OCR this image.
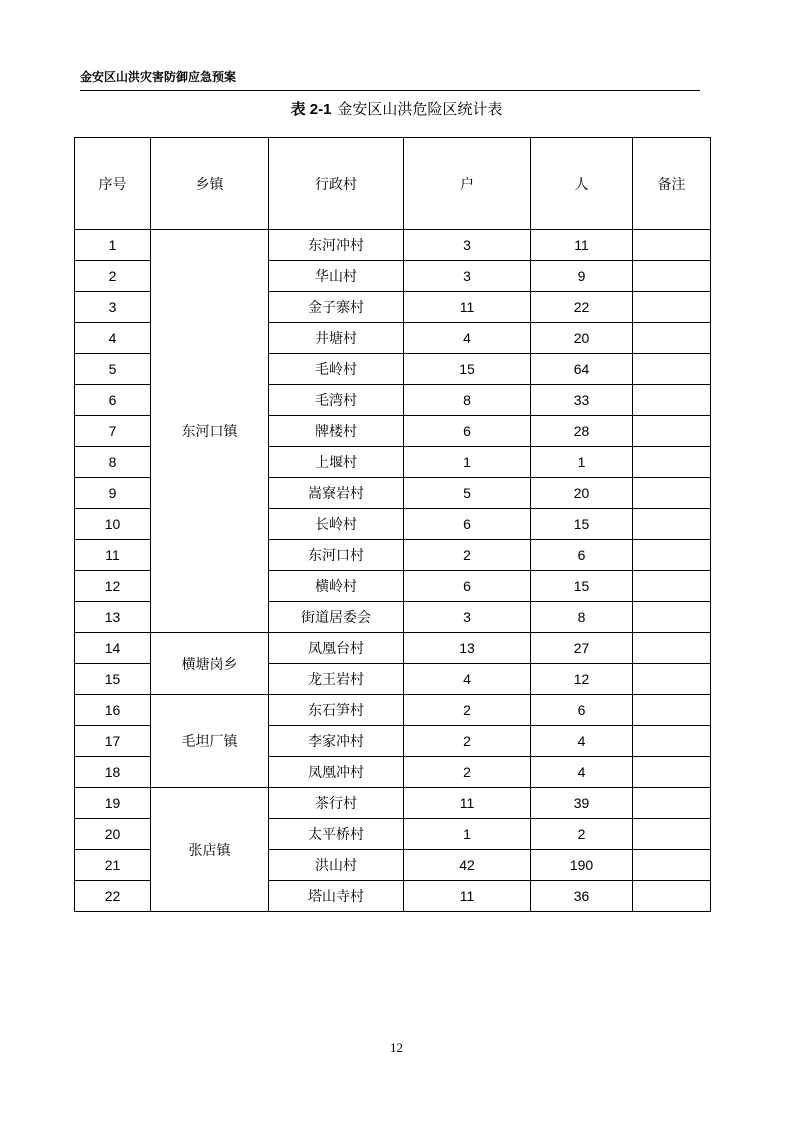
金安区山洪灾害防御应急预案
表 2-1 金安区山洪危险区统计表
序号	乡镇	行政村	户	人	备注
1	东河口镇	东河冲村	3	11	
2		华山村	3	9	
3		金子寨村	11	22	
4		井塘村	4	20	
5		毛岭村	15	64	
6		毛湾村	8	33	
7		牌楼村	6	28	
8		上堰村	1	1	
9		嵩寮岩村	5	20	
10		长岭村	6	15	
11		东河口村	2	6	
12		横岭村	6	15	
13		街道居委会	3	8	
14	横塘岗乡	凤凰台村	13	27	
15		龙王岩村	4	12	
16	毛坦厂镇	东石笋村	2	6	
17		李家冲村	2	4	
18		凤凰冲村	2	4	
19	张店镇	茶行村	11	39	
20		太平桥村	1	2	
21		洪山村	42	190	
22		塔山寺村	11	36	
12
